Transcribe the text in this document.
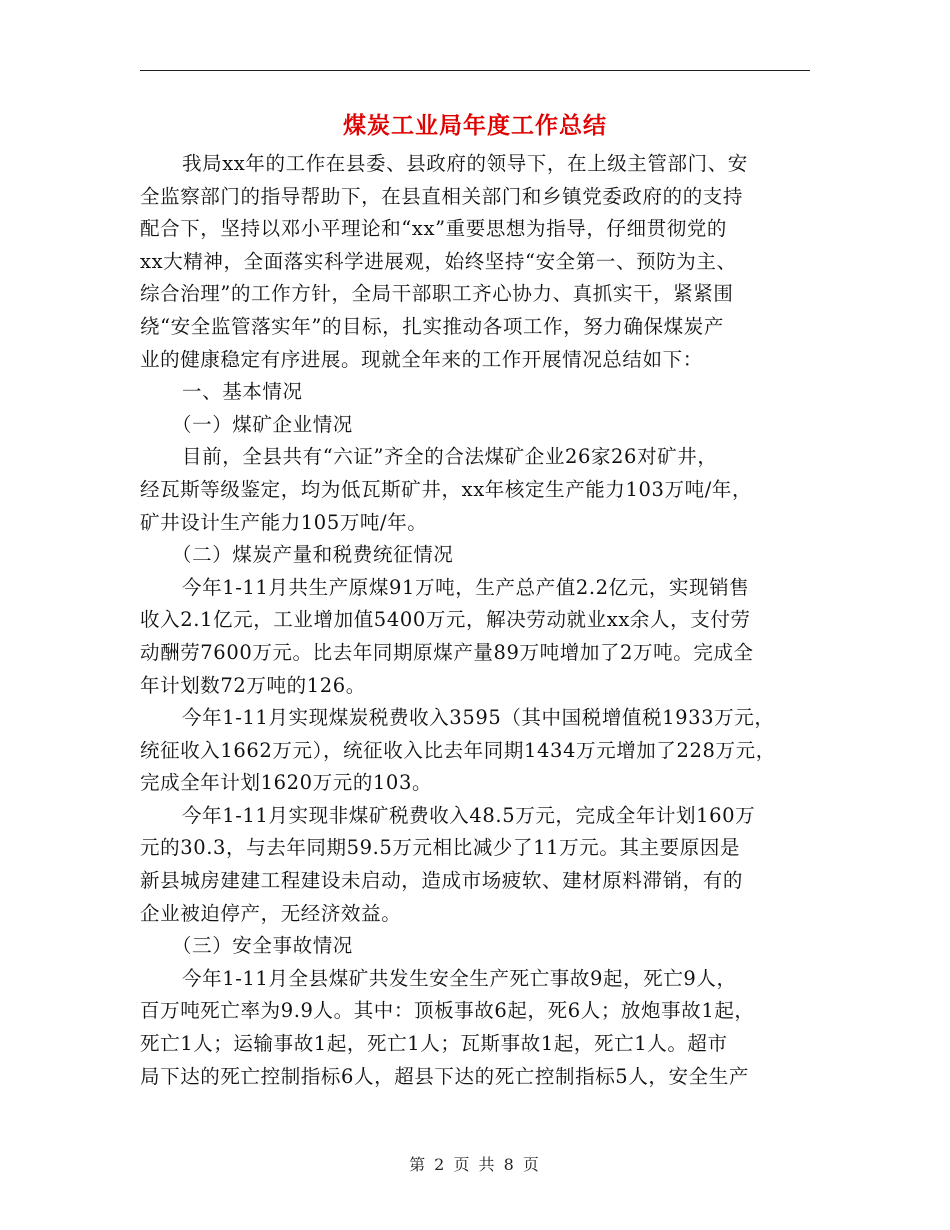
煤炭工业局年度工作总结
我局xx年的工作在县委、县政府的领导下，在上级主管部门、安
全监察部门的指导帮助下，在县直相关部门和乡镇党委政府的的支持
配合下，坚持以邓小平理论和“xx”重要思想为指导，仔细贯彻党的
xx大精神，全面落实科学进展观，始终坚持“安全第一、预防为主、
综合治理”的工作方针，全局干部职工齐心协力、真抓实干，紧紧围
绕“安全监管落实年”的目标，扎实推动各项工作，努力确保煤炭产
业的健康稳定有序进展。现就全年来的工作开展情况总结如下：
一、基本情况
（一）煤矿企业情况
目前，全县共有“六证”齐全的合法煤矿企业26家26对矿井，
经瓦斯等级鉴定，均为低瓦斯矿井，xx年核定生产能力103万吨/年，
矿井设计生产能力105万吨/年。
（二）煤炭产量和税费统征情况
今年1-11月共生产原煤91万吨，生产总产值2.2亿元，实现销售
收入2.1亿元，工业增加值5400万元，解决劳动就业xx余人，支付劳
动酬劳7600万元。比去年同期原煤产量89万吨增加了2万吨。完成全
年计划数72万吨的126。
今年1-11月实现煤炭税费收入3595（其中国税增值税1933万元，
统征收入1662万元），统征收入比去年同期1434万元增加了228万元，
完成全年计划1620万元的103。
今年1-11月实现非煤矿税费收入48.5万元，完成全年计划160万
元的30.3，与去年同期59.5万元相比减少了11万元。其主要原因是
新县城房建建工程建设未启动，造成市场疲软、建材原料滞销，有的
企业被迫停产，无经济效益。
（三）安全事故情况
今年1-11月全县煤矿共发生安全生产死亡事故9起，死亡9人，
百万吨死亡率为9.9人。其中：顶板事故6起，死6人；放炮事故1起，
死亡1人；运输事故1起，死亡1人；瓦斯事故1起，死亡1人。超市
局下达的死亡控制指标6人，超县下达的死亡控制指标5人，安全生产
第 2 页 共 8 页
